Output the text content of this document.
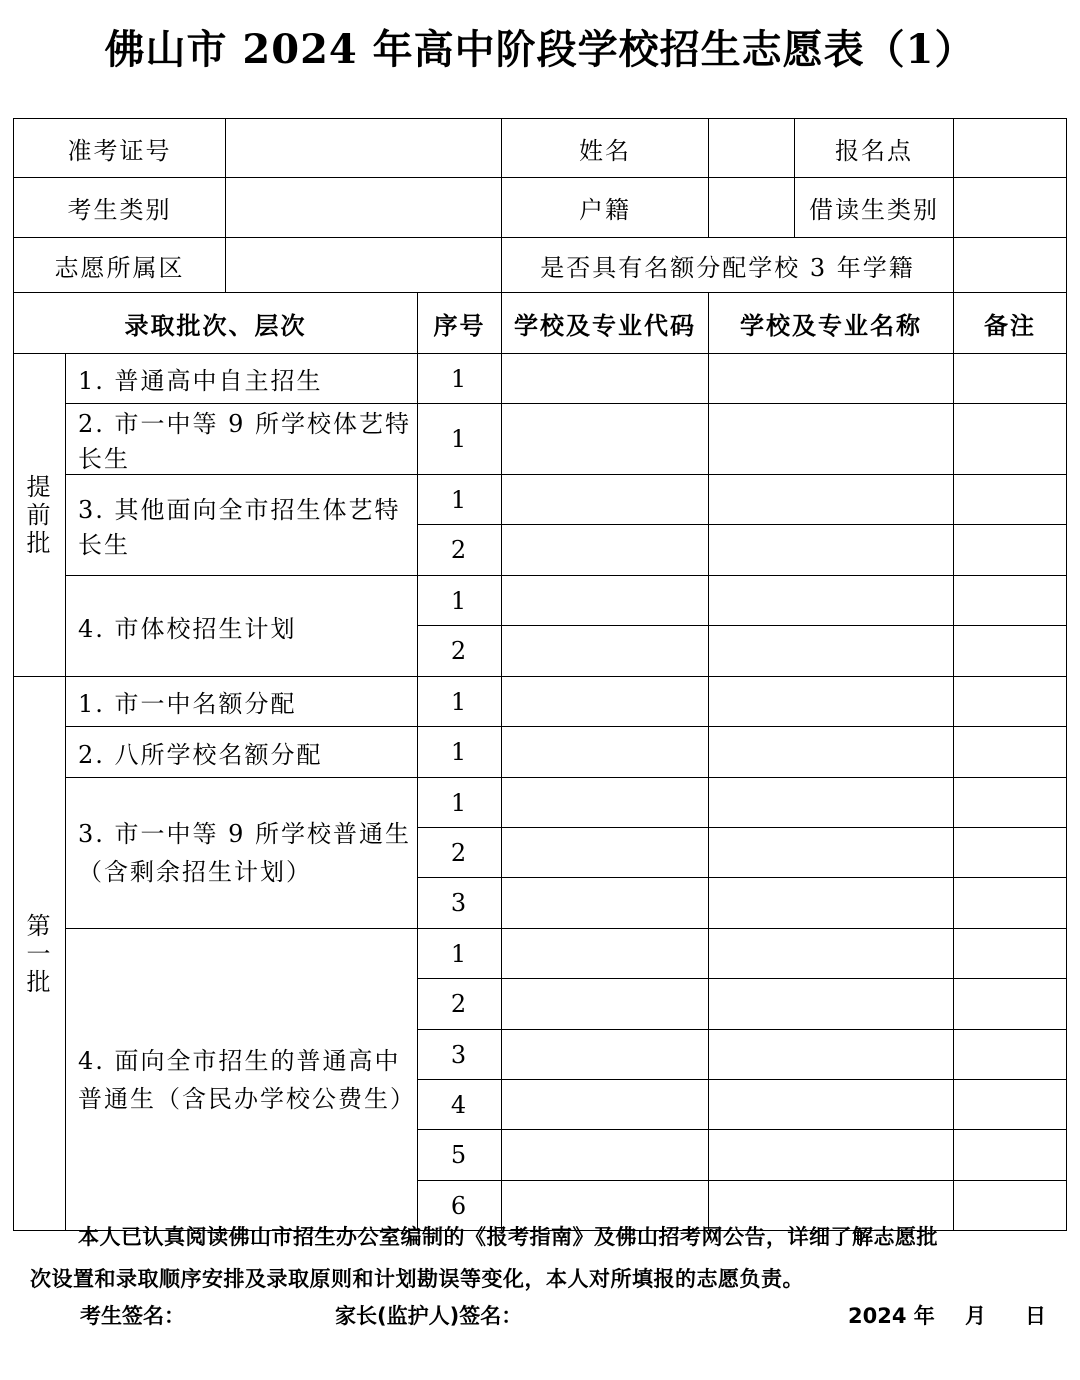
佛山市 2024 年高中阶段学校招生志愿表（1）
准考证号				姓名		报名点	
考生类别				户籍		借读生类别	
志愿所属区				是否具有名额分配学校 3 年学籍			
录取批次、层次			序号	学校及专业代码	学校及专业名称		备注

提
前
批	1. 普通高中自主招生		1				
	2. 市一中等 9 所学校体艺特长生		1				
	3. 其他面向全市招生体艺特长生		1				
			2				
	4. 市体校招生计划		1				
			2				

第
一
批	1. 市一中名额分配		1				
	2. 八所学校名额分配		1				

	3. 市一中等 9 所学校普通生
（含剩余招生计划）		1				
			2				
			3				

	4. 面向全市招生的普通高中
普通生（含民办学校公费生）		1				
			2				
			3				
			4				
			5				
			6				
本人已认真阅读佛山市招生办公室编制的《报考指南》及佛山招考网公告，详细了解志愿批
次设置和录取顺序安排及录取原则和计划勘误等变化，本人对所填报的志愿负责。
考生签名：	家长(监护人)签名：	2024 年 月 日
